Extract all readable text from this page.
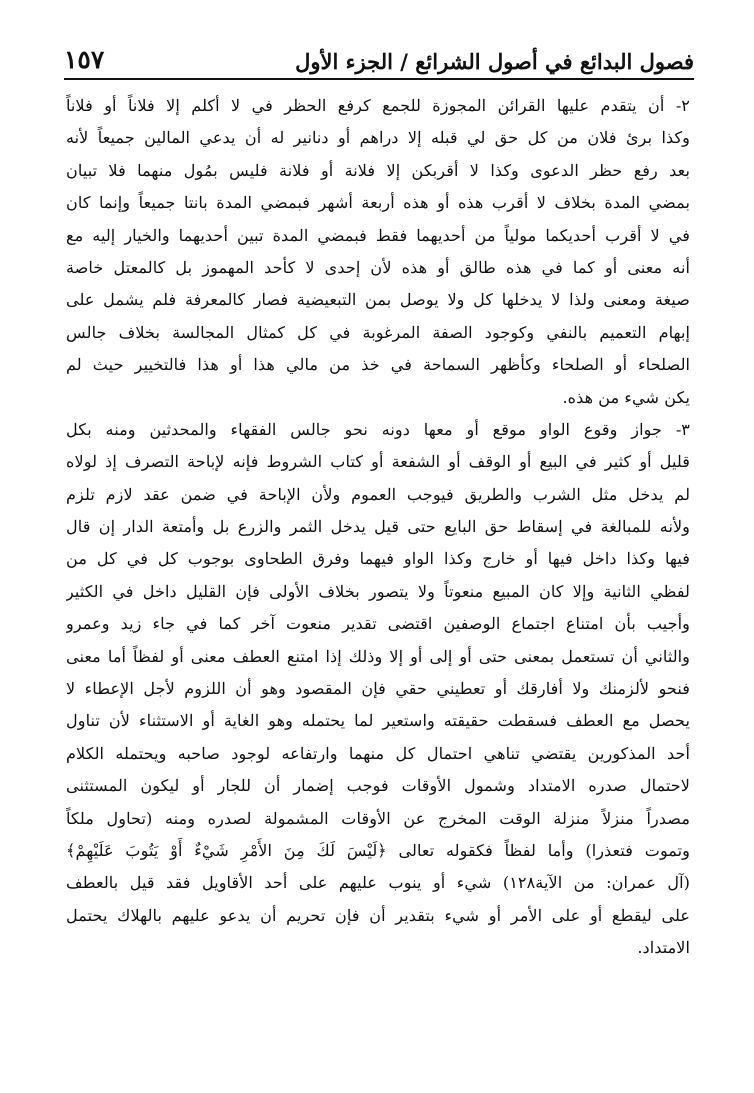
١٥٧	فصول البدائع في أصول الشرائع / الجزء الأول
٢- أن يتقدم عليها القرائن المجوزة للجمع كرفع الحظر في لا أكلم إلا فلاناً أو فلاناً
وكذا برئ فلان من كل حق لي قبله إلا دراهم أو دنانير له أن يدعي المالين جميعاً لأنه
بعد رفع حظر الدعوى وكذا لا أقربكن إلا فلانة أو فلانة فليس بمُول منهما فلا تبيان
بمضي المدة بخلاف لا أقرب هذه أو هذه أربعة أشهر فبمضي المدة بانتا جميعاً وإنما كان
في لا أقرب أحديكما مولياً من أحديهما فقط فبمضي المدة تبين أحديهما والخيار إليه مع
أنه معنى أو كما في هذه طالق أو هذه لأن إحدى لا كأحد المهموز بل كالمعتل خاصة
صيغة ومعنى ولذا لا يدخلها كل ولا يوصل بمن التبعيضية فصار كالمعرفة فلم يشمل على
إبهام التعميم بالنفي وكوجود الصفة المرغوبة في كل كمثال المجالسة بخلاف جالس
الصلحاء أو الصلحاء وكأظهر السماحة في خذ من مالي هذا أو هذا فالتخيير حيث لم
يكن شيء من هذه.
٣- جواز وقوع الواو موقع أو معها دونه نحو جالس الفقهاء والمحدثين ومنه بكل
قليل أو كثير في البيع أو الوقف أو الشفعة أو كتاب الشروط فإنه لإباحة التصرف إذ لولاه
لم يدخل مثل الشرب والطريق فيوجب العموم ولأن الإباحة في ضمن عقد لازم تلزم
ولأنه للمبالغة في إسقاط حق البايع حتى قيل يدخل الثمر والزرع بل وأمتعة الدار إن قال
فيها وكذا داخل فيها أو خارج وكذا الواو فيهما وفرق الطحاوى بوجوب كل في كل من
لفظي الثانية وإلا كان المبيع منعوتاً ولا يتصور بخلاف الأولى فإن القليل داخل في الكثير
وأجيب بأن امتناع اجتماع الوصفين اقتضى تقدير منعوت آخر كما في جاء زيد وعمرو
والثاني أن تستعمل بمعنى حتى أو إلى أو إلا وذلك إذا امتنع العطف معنى أو لفظاً أما معنى
فنحو لألزمنك ولا أفارقك أو تعطيني حقي فإن المقصود وهو أن اللزوم لأجل الإعطاء لا
يحصل مع العطف فسقطت حقيقته واستعير لما يحتمله وهو الغاية أو الاستثناء لأن تناول
أحد المذكورين يقتضي تناهي احتمال كل منهما وارتفاعه لوجود صاحبه ويحتمله الكلام
لاحتمال صدره الامتداد وشمول الأوقات فوجب إضمار أن للجار أو ليكون المستثنى
مصدراً منزلاً منزلة الوقت المخرج عن الأوقات المشمولة لصدره ومنه (تحاول ملكاً
وتموت فتعذرا) وأما لفظاً فكقوله تعالى ﴿لَيْسَ لَكَ مِنَ الأَمْرِ شَيْءٌ أَوْ يَتُوبَ عَلَيْهِمْ﴾
(آل عمران: من الآية١٢٨) شيء أو ينوب عليهم على أحد الأقاويل فقد قيل بالعطف
على ليقطع أو على الأمر أو شيء بتقدير أن فإن تحريم أن يدعو عليهم بالهلاك يحتمل
الامتداد.
